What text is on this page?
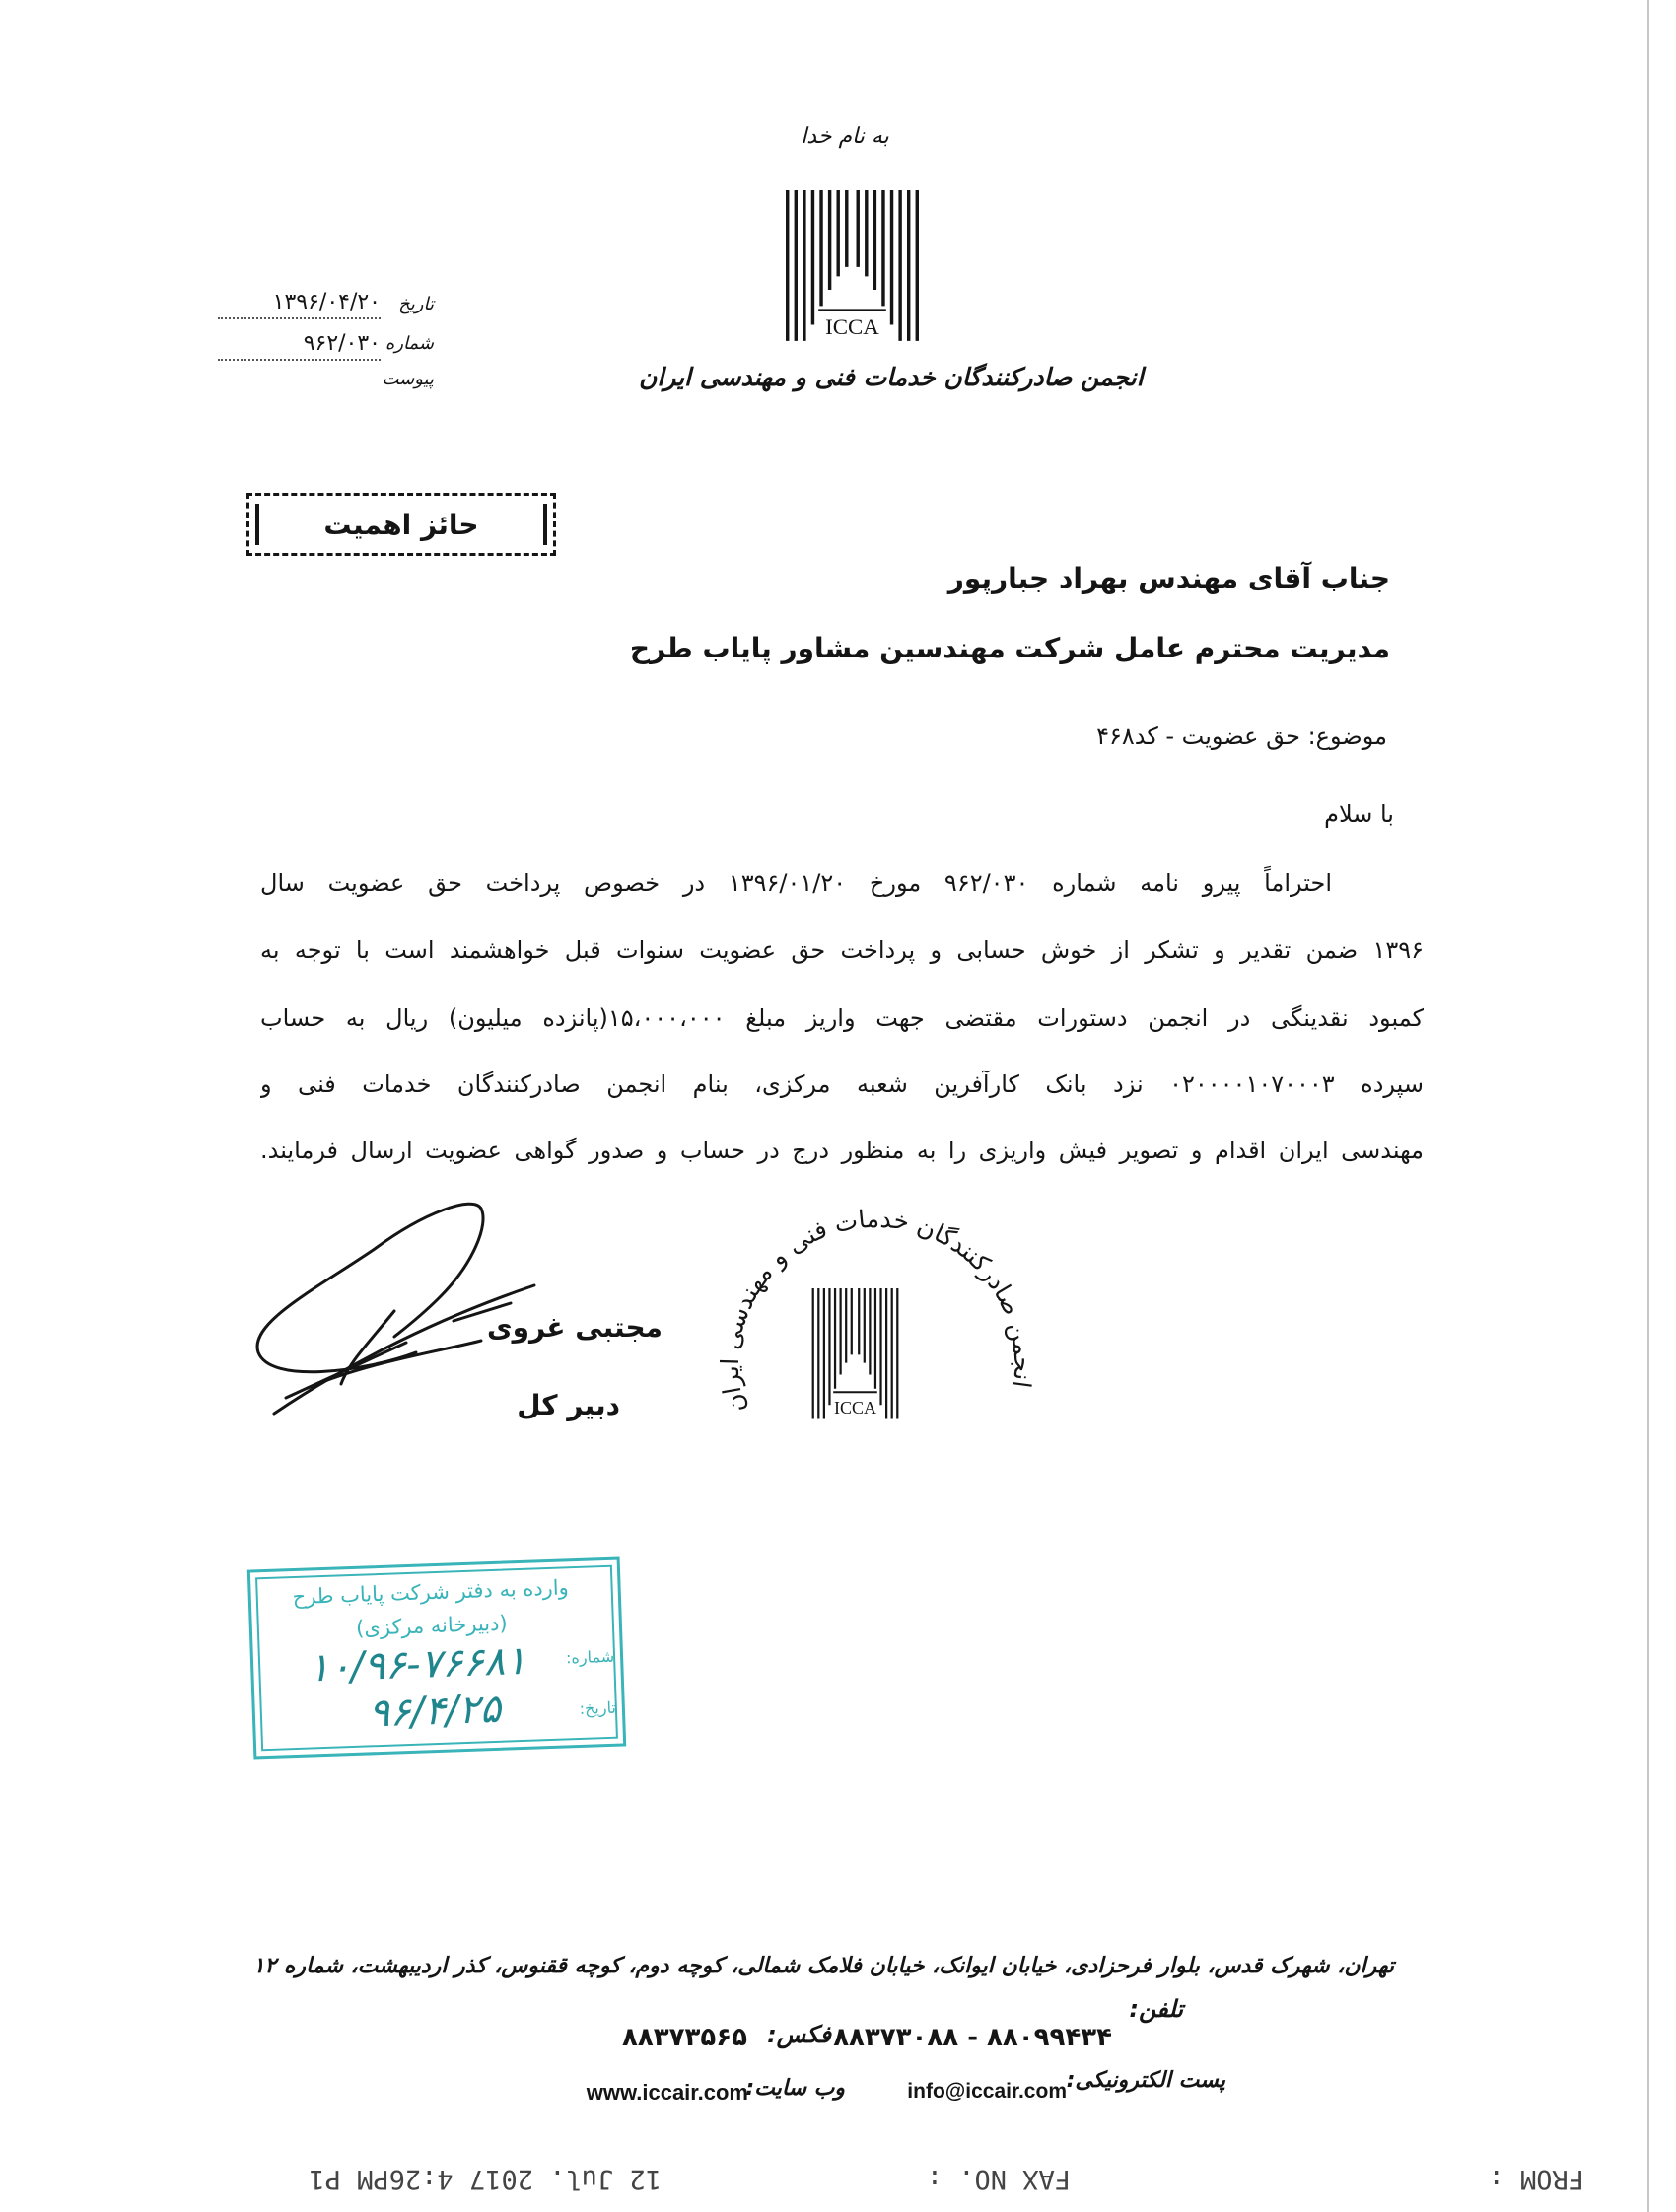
به نام خدا
ICCA
انجمن صادرکنندگان خدمات فنی و مهندسی ایران
تاریخ
۱۳۹۶/۰۴/۲۰
شماره
۹۶۲/۰۳۰
پیوست
حائز اهمیت
جناب آقای مهندس بهراد جبارپور
مدیریت محترم عامل شرکت مهندسین مشاور پایاب طرح
موضوع: حق عضویت - کد۴۶۸
با سلام
احتراماً پیرو نامه شماره ۹۶۲/۰۳۰ مورخ ۱۳۹۶/۰۱/۲۰ در خصوص پرداخت حق عضویت سال
۱۳۹۶ ضمن تقدیر و تشکر از خوش حسابی و پرداخت حق عضویت سنوات قبل خواهشمند است با توجه به
کمبود نقدینگی در انجمن دستورات مقتضی جهت واریز مبلغ ۱۵،۰۰۰،۰۰۰(پانزده میلیون) ریال به حساب
سپرده ۰۲۰۰۰۰۱۰۷۰۰۰۳ نزد بانک کارآفرین شعبه مرکزی، بنام انجمن صادرکنندگان خدمات فنی و
مهندسی ایران اقدام و تصویر فیش واریزی را به منظور درج در حساب و صدور گواهی عضویت ارسال فرمایند.
مجتبی غروی
دبیر کل	انجمن صادرکنندگان خدمات فنی و مهندسی ایران
ICCA
وارده به دفتر شرکت پایاب طرح
(دبیرخانه مرکزی)
شماره:
تاریخ:
۱۰/۹۶-۷۶۶۸۱
۹۶/۴/۲۵
تهران، شهرک قدس، بلوار فرحزادی، خیابان ایوانک، خیابان فلامک شمالی، کوچه دوم، کوچه ققنوس، کذر اردیبهشت، شماره ۱۲
تلفن:
۸۸۰۹۹۴۳۴ - ۸۸۳۷۳۰۸۸
فکس:
۸۸۳۷۳۵۶۵
پست الکترونیکی:
info@iccair.com
وب سایت:
www.iccair.com
FROM :
FAX NO. :
12 Jul. 2017 4:26PM P1
